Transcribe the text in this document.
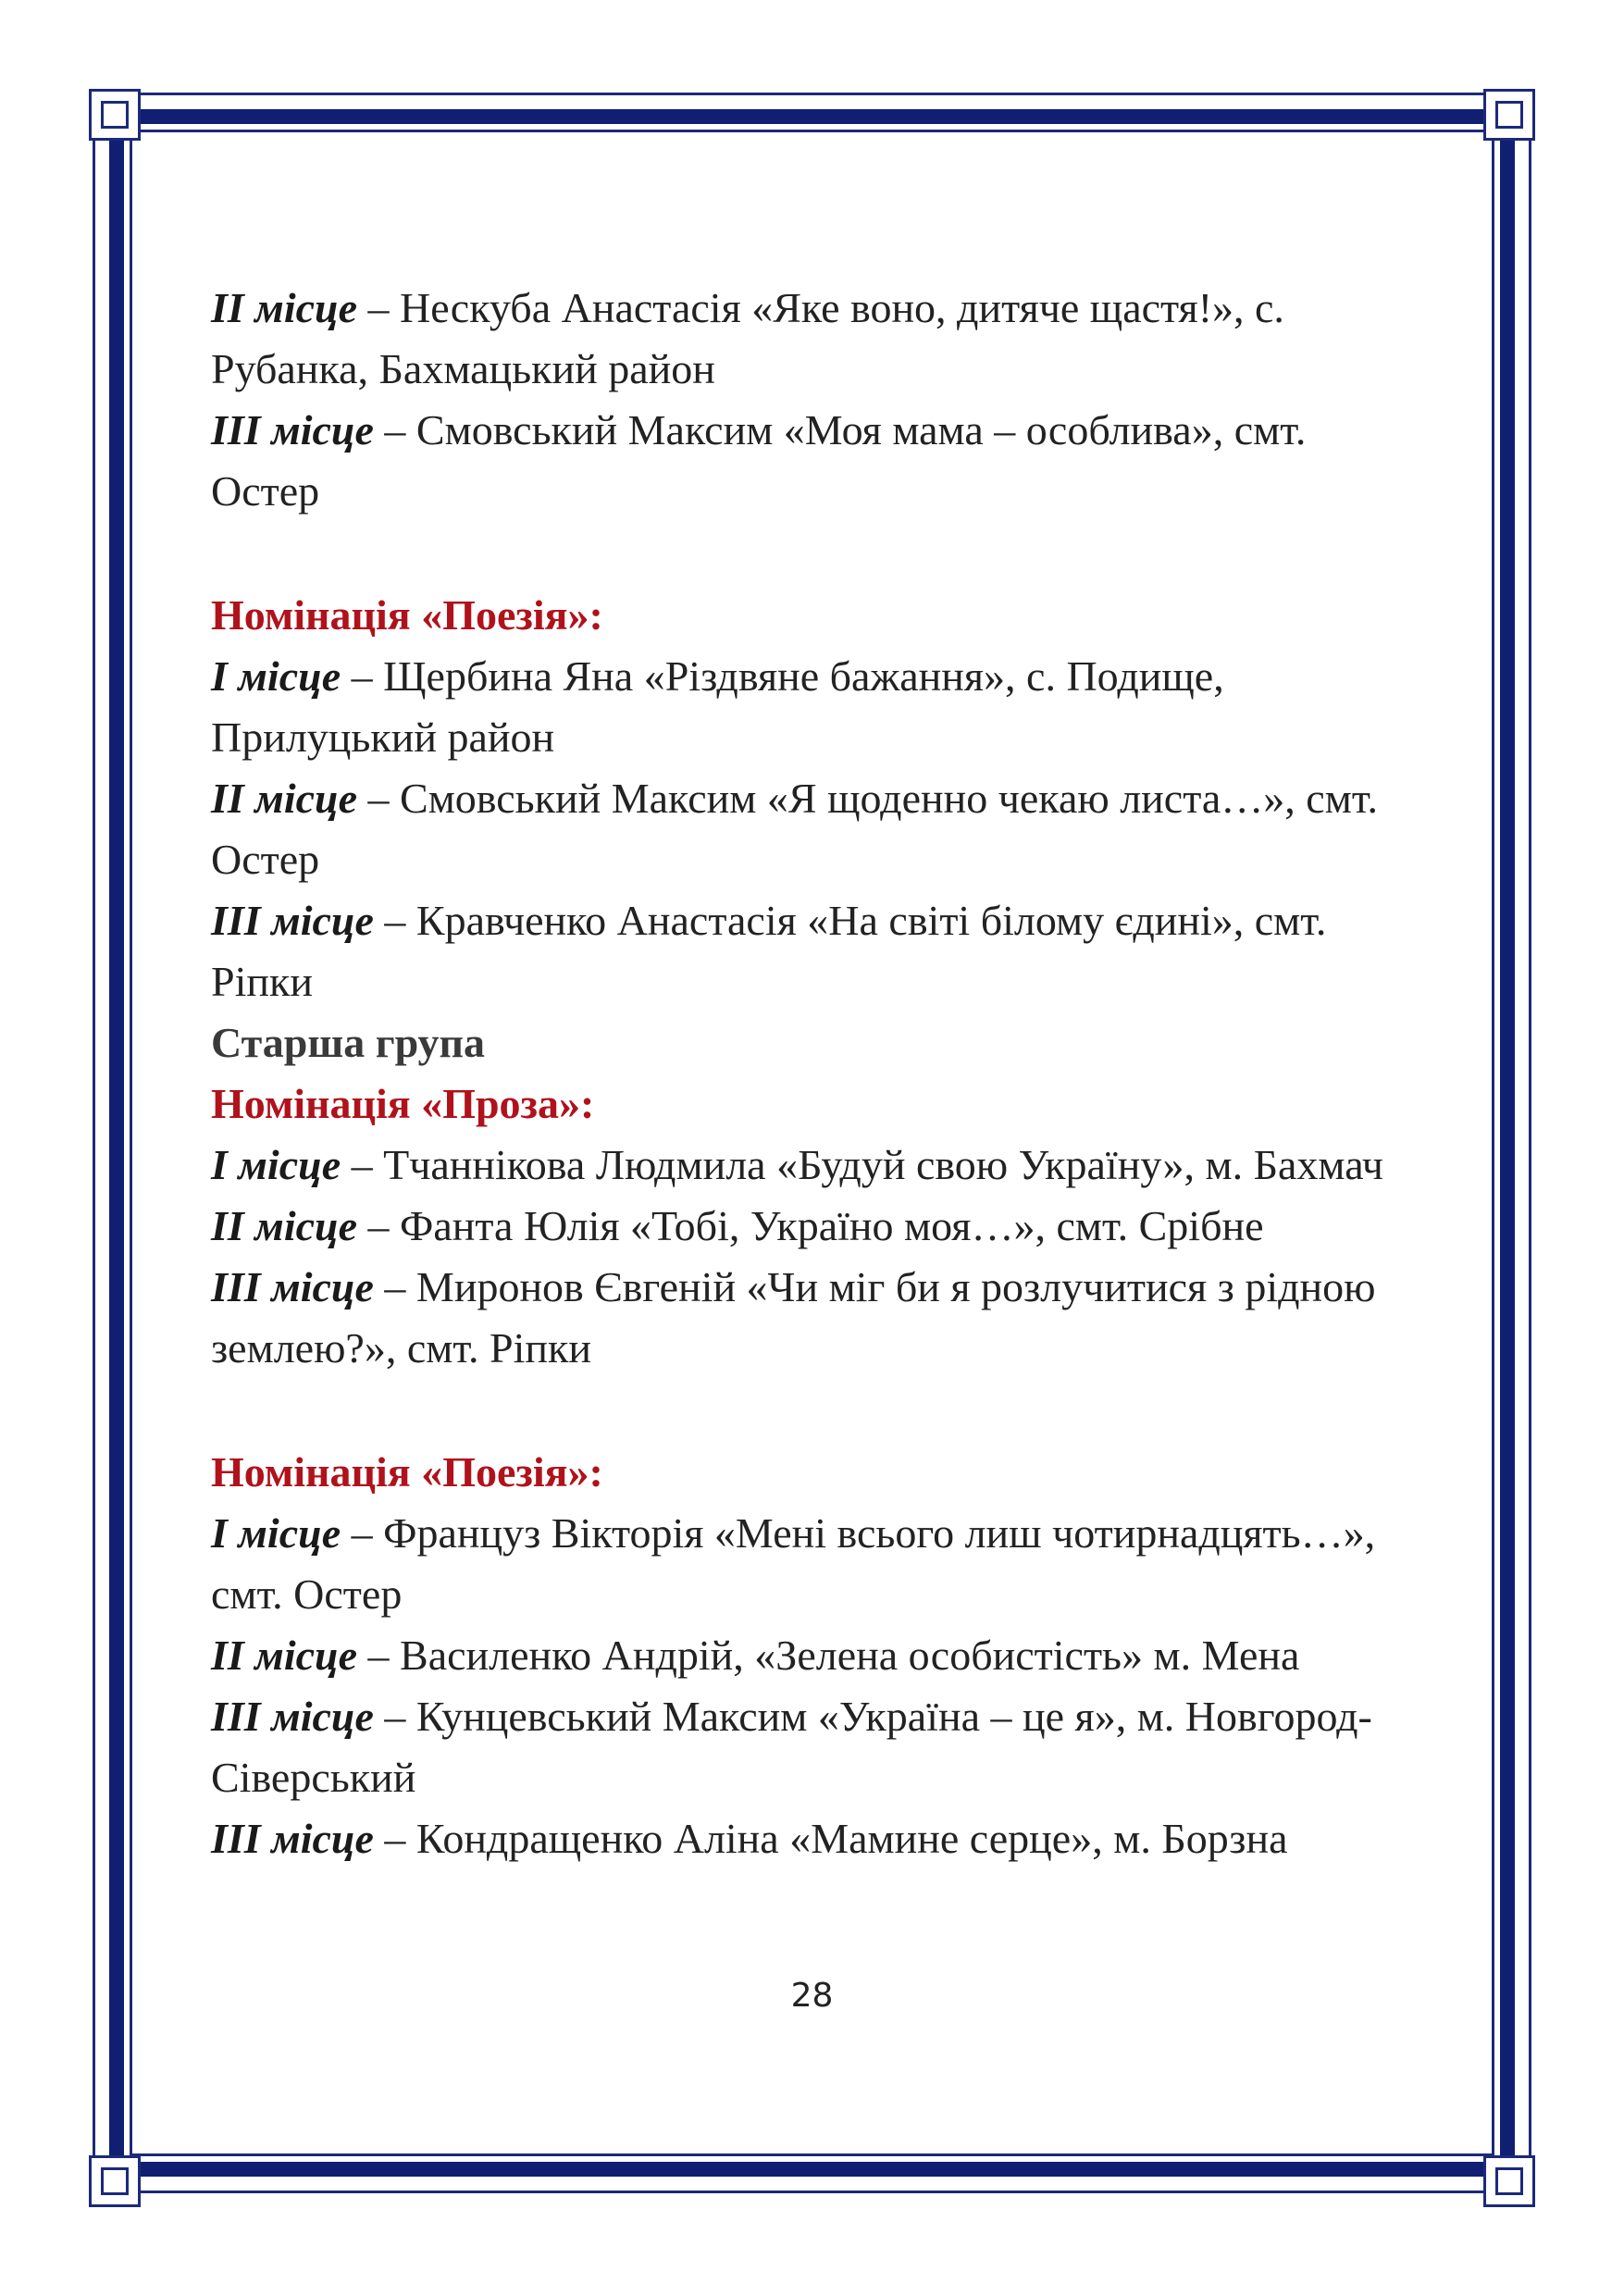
ІІ місце – Нескуба Анастасія «Яке воно, дитяче щастя!», с. Рубанка, Бахмацький район

ІІІ місце – Смовський Максим «Моя мама – особлива», смт. Остер

Номінація «Поезія»:

І місце – Щербина Яна «Різдвяне бажання», с. Подище, Прилуцький район

ІІ місце – Смовський Максим «Я щоденно чекаю листа…», смт. Остер

ІІІ місце – Кравченко Анастасія «На світі білому єдині», смт. Ріпки

Старша група

Номінація «Проза»:

І місце – Тчаннікова Людмила «Будуй свою Україну», м. Бахмач

ІІ місце – Фанта Юлія «Тобі, Україно моя…», смт. Срібне

ІІІ місце – Миронов Євгеній «Чи міг би я розлучитися з рідною землею?», смт. Ріпки

Номінація «Поезія»:

І місце – Француз Вікторія «Мені всього лиш чотирнадцять…», смт. Остер

ІІ місце – Василенко Андрій, «Зелена особистість» м. Мена

ІІІ місце – Кунцевський Максим «Україна – це я», м. Новгород-Сіверський

ІІІ місце – Кондращенко Аліна «Мамине серце», м. Борзна

28
